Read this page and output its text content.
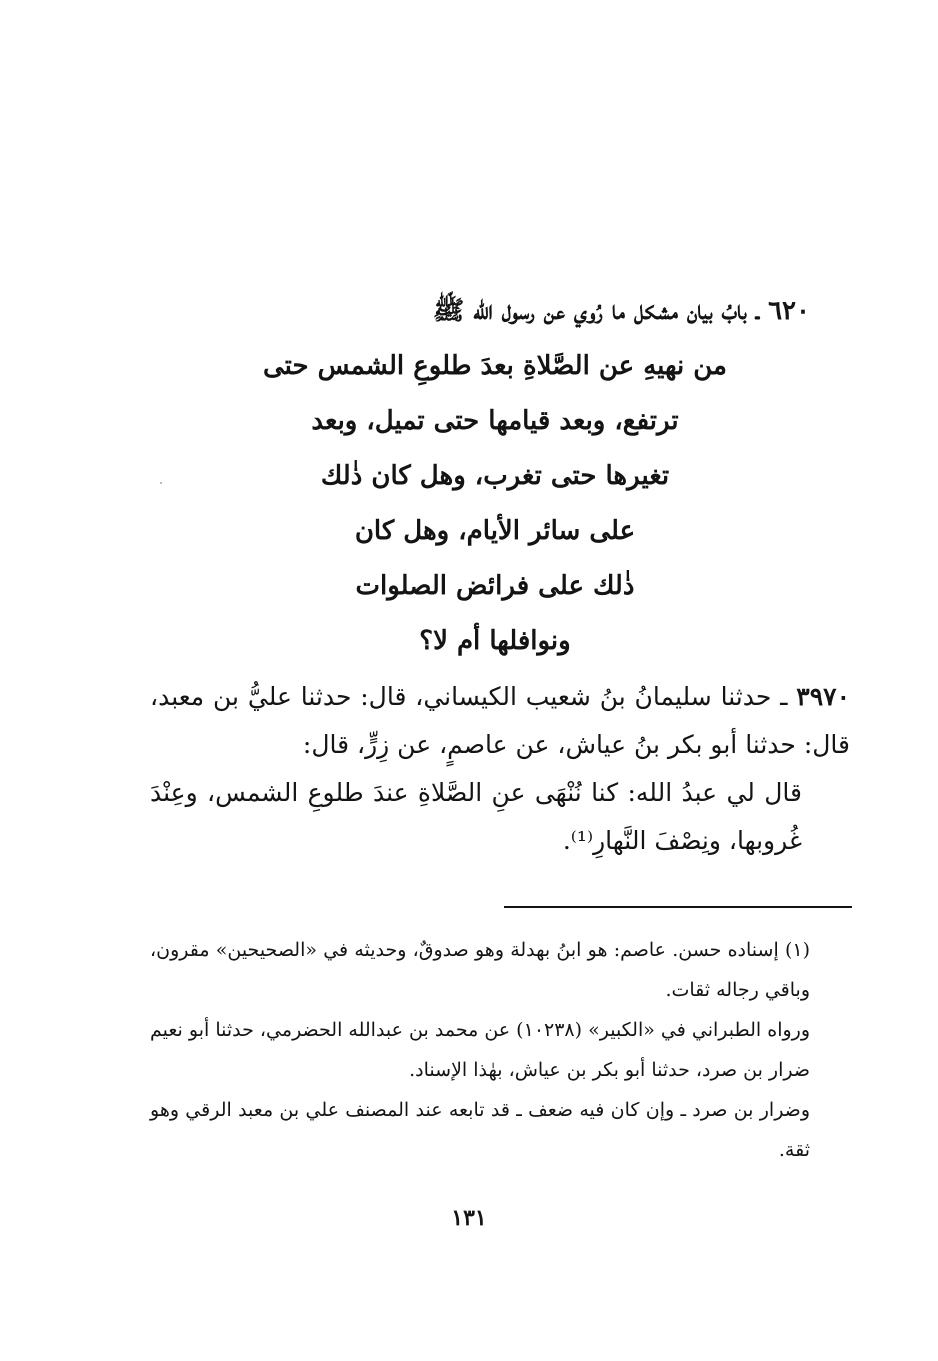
٦٢٠ ـ بابُ بيان مشكل ما رُوي عن رسول الله ﷺ
من نهيهِ عن الصَّلاةِ بعدَ طلوعِ الشمس حتى
ترتفع، وبعد قيامها حتى تميل، وبعد
تغيرها حتى تغرب، وهل كان ذٰلك
على سائر الأيام، وهل كان
ذٰلك على فرائض الصلوات
ونوافلها أم لا؟

٣٩٧٠ ـ حدثنا سليمانُ بنُ شعيب الكيساني، قال: حدثنا عليُّ بن معبد، قال: حدثنا أبو بكر بنُ عياش، عن عاصمٍ، عن زِرٍّ، قال:

قال لي عبدُ الله: كنا نُنْهَى عنِ الصَّلاةِ عندَ طلوعِ الشمس، وعِنْدَ غُروبها، ونِصْفَ النَّهارِ⁽¹⁾.

(١) إسناده حسن. عاصم: هو ابنُ بهدلة وهو صدوقٌ، وحديثه في «الصحيحين» مقرون، وباقي رجاله ثقات.

ورواه الطبراني في «الكبير» (١٠٢٣٨) عن محمد بن عبدالله الحضرمي، حدثنا أبو نعيم ضرار بن صرد، حدثنا أبو بكر بن عياش، بهٰذا الإسناد.

وضرار بن صرد ـ وإن كان فيه ضعف ـ قد تابعه عند المصنف علي بن معبد الرقي وهو ثقة.

١٣١
